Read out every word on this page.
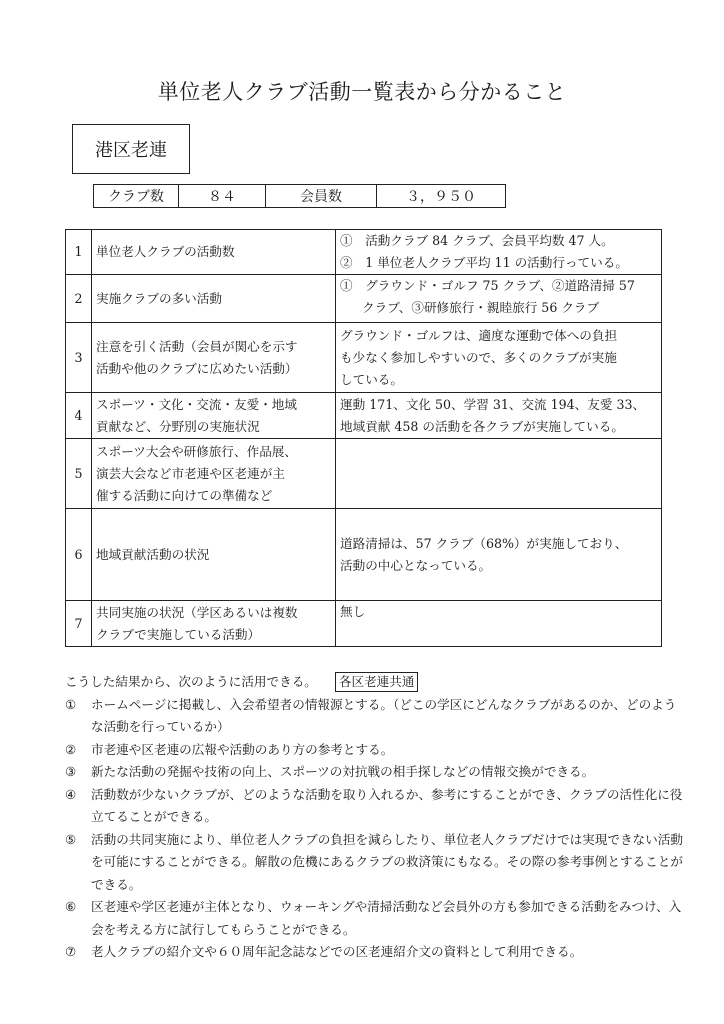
単位老人クラブ活動一覧表から分かること
港区老連
クラブ数	８４	会員数	３，９５０
1	単位老人クラブの活動数	①　活動クラブ 84 クラブ、会員平均数 47 人。
②　1 単位老人クラブ平均 11 の活動行っている。

2	実施クラブの多い活動	①　グラウンド・ゴルフ 75 クラブ、②道路清掃 57
クラブ、③研修旅行・親睦旅行 56 クラブ

3	注意を引く活動（会員が関心を示す
活動や他のクラブに広めたい活動）	グラウンド・ゴルフは、適度な運動で体への負担
も少なく参加しやすいので、多くのクラブが実施
している。

4	スポーツ・文化・交流・友愛・地域
貢献など、分野別の実施状況	運動 171、文化 50、学習 31、交流 194、友愛 33、
地域貢献 458 の活動を各クラブが実施している。

5	スポーツ大会や研修旅行、作品展、
演芸大会など市老連や区老連が主
催する活動に向けての準備など	

6	地域貢献活動の状況	道路清掃は、57 クラブ（68%）が実施しており、
活動の中心となっている。

7	共同実施の状況（学区あるいは複数
クラブで実施している活動）	無し
こうした結果から、次のように活用できる。 各区老連共通
①	ホームページに掲載し、入会希望者の情報源とする。（どこの学区にどんなクラブがあるのか、どのような活動を行っているか）
②	市老連や区老連の広報や活動のあり方の参考とする。
③	新たな活動の発掘や技術の向上、スポーツの対抗戦の相手探しなどの情報交換ができる。
④	活動数が少ないクラブが、どのような活動を取り入れるか、参考にすることができ、クラブの活性化に役立てることができる。
⑤	活動の共同実施により、単位老人クラブの負担を減らしたり、単位老人クラブだけでは実現できない活動を可能にすることができる。解散の危機にあるクラブの救済策にもなる。その際の参考事例とすることができる。
⑥	区老連や学区老連が主体となり、ウォーキングや清掃活動など会員外の方も参加できる活動をみつけ、入会を考える方に試行してもらうことができる。
⑦	老人クラブの紹介文や６０周年記念誌などでの区老連紹介文の資料として利用できる。
